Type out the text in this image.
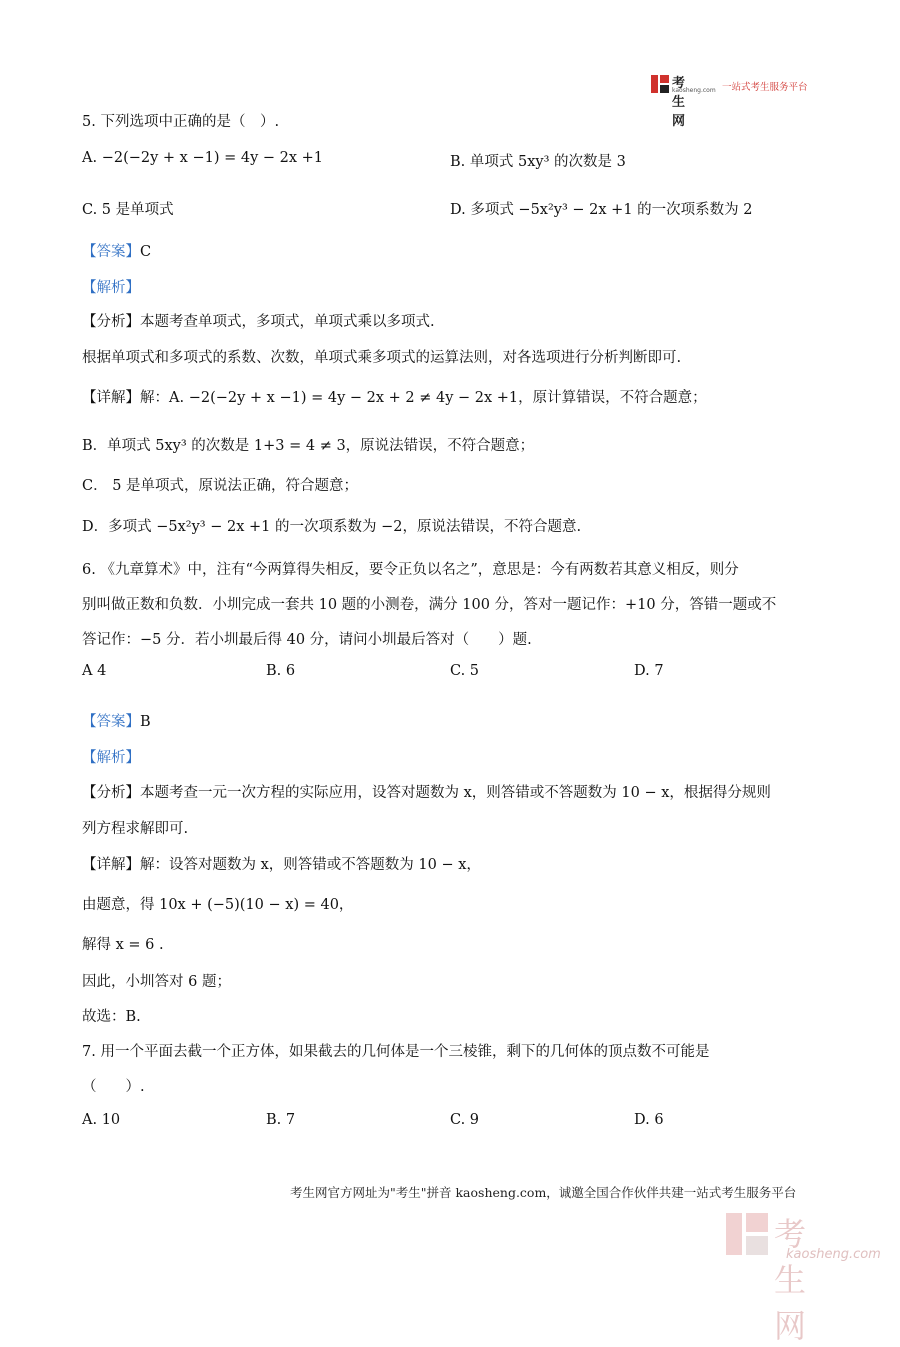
考生网
kaosheng.com 一站式考生服务平台
5. 下列选项中正确的是（　）.
A. −2(−2y + x −1) = 4y − 2x +1	B. 单项式 5xy³ 的次数是 3
C. 5 是单项式	D. 多项式 −5x²y³ − 2x +1 的一次项系数为 2
【答案】C
【解析】
【分析】本题考查单项式，多项式，单项式乘以多项式.
根据单项式和多项式的系数、次数，单项式乘多项式的运算法则，对各选项进行分析判断即可.
【详解】解：A. −2(−2y + x −1) = 4y − 2x + 2 ≠ 4y − 2x +1，原计算错误，不符合题意；
B．单项式 5xy³ 的次数是 1+3 = 4 ≠ 3，原说法错误，不符合题意；
C． 5 是单项式，原说法正确，符合题意；
D．多项式 −5x²y³ − 2x +1 的一次项系数为 −2，原说法错误，不符合题意.
6. 《九章算术》中，注有“今两算得失相反，要令正负以名之”，意思是：今有两数若其意义相反，则分
别叫做正数和负数．小圳完成一套共 10 题的小测卷，满分 100 分，答对一题记作：+10 分，答错一题或不
答记作：−5 分．若小圳最后得 40 分，请问小圳最后答对（　　）题.
A 4	B. 6	C. 5	D. 7
【答案】B
【解析】
【分析】本题考查一元一次方程的实际应用，设答对题数为 x，则答错或不答题数为 10 − x，根据得分规则
列方程求解即可.
【详解】解：设答对题数为 x，则答错或不答题数为 10 − x，
由题意，得 10x + (−5)(10 − x) = 40，
解得 x = 6 .
因此，小圳答对 6 题；
故选：B.
7. 用一个平面去截一个正方体，如果截去的几何体是一个三棱锥，剩下的几何体的顶点数不可能是
（　　）.
A. 10	B. 7	C. 9	D. 6
考生网官方网址为"考生"拼音 kaosheng.com，诚邀全国合作伙伴共建一站式考生服务平台
考生网
kaosheng.com
